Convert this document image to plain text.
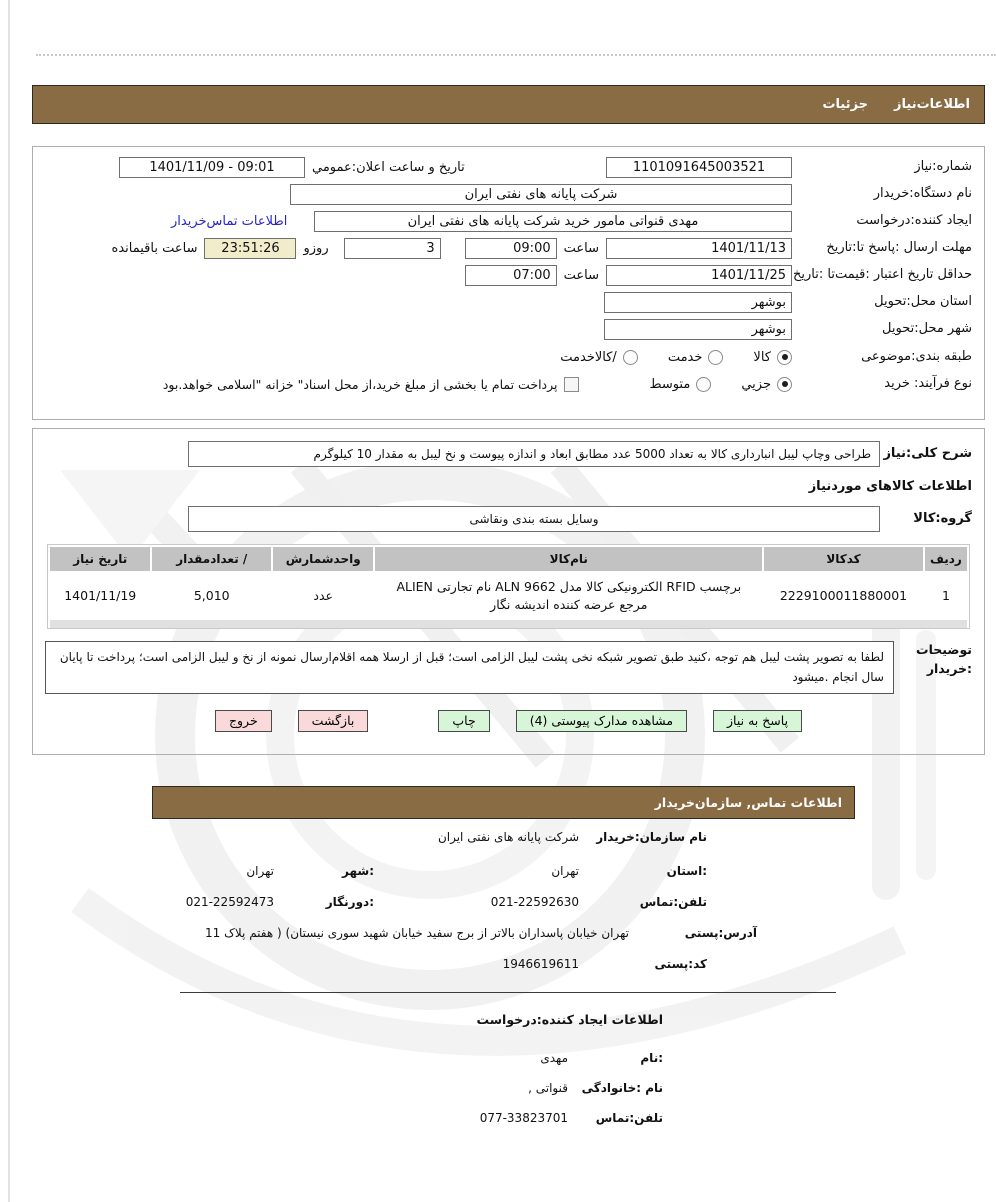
اطلاعات‌نیاز
جزئیات
شماره:نیاز
1101091645003521
تاریخ و ساعت اعلان:عمومي
09:01 - 1401/11/09
نام دستگاه:خریدار
شرکت پایانه های نفتی ایران
ایجاد کننده:درخواست
مهدی قنواتی مامور خرید شرکت پایانه های نفتی ایران
اطلاعات تماس‌خریدار
مهلت ارسال :پاسخ تا:تاریخ
1401/11/13
ساعت
09:00
3
روزو
23:51:26
ساعت باقیمانده
حداقل تاریخ اعتبار :قیمت‌تا :تاریخ
1401/11/25
ساعت
07:00
استان محل:تحویل
بوشهر
شهر محل:تحویل
بوشهر
طبقه بندی:موضوعی
کالا
خدمت
/کالاخدمت
نوع فرآیند: خرید
جزیي
متوسط
پرداخت تمام یا بخشی از مبلغ خرید،از محل اسناد" خزانه "اسلامی خواهد.بود
شرح کلی:نیاز
طراحی وچاپ لیبل انبارداری کالا به تعداد 5000 عدد مطابق ابعاد و اندازه پیوست و نخ لیبل به مقدار 10 کیلوگرم
اطلاعات کالاهای موردنیاز
گروه:کالا
وسایل بسته بندی ونقاشی
ردیف	کدکالا	نام‌کالا	واحدشمارش	/ تعدادمقدار	تاریخ نیاز
1	2229100011880001	برچسب RFID الکترونیکی کالا مدل ALN 9662 نام تجارتی ALIEN مرجع عرضه کننده اندیشه نگار	عدد	5,010	1401/11/19
توضیحات
:خریدار
لطفا به تصویر پشت لیبل هم توجه ،کنید طبق تصویر شبکه نخی پشت لیبل الزامی است؛ قبل از ارسلا همه اقلام‌ارسال نمونه از نخ و لیبل الزامی است؛ پرداخت تا پایان سال انجام .میشود
پاسخ به نیاز
مشاهده مدارک پیوستی (4)
چاپ
بازگشت
خروج
اطلاعات تماس, سازمان‌خریدار
نام سازمان:خریدار
شرکت پایانه های نفتی ایران
:استان
تهران
:شهر
تهران
تلفن:تماس
021-22592630
:دورنگار
021-22592473
آدرس:پستی
تهران خیابان پاسداران بالاتر از برج سفید خیابان شهید سوری نیستان) ( هفتم پلاک 11
کد:پستی
1946619611
اطلاعات ایجاد کننده:درخواست
:نام
مهدی
نام :خانوادگی
قنواتی ,
تلفن:تماس
077-33823701
